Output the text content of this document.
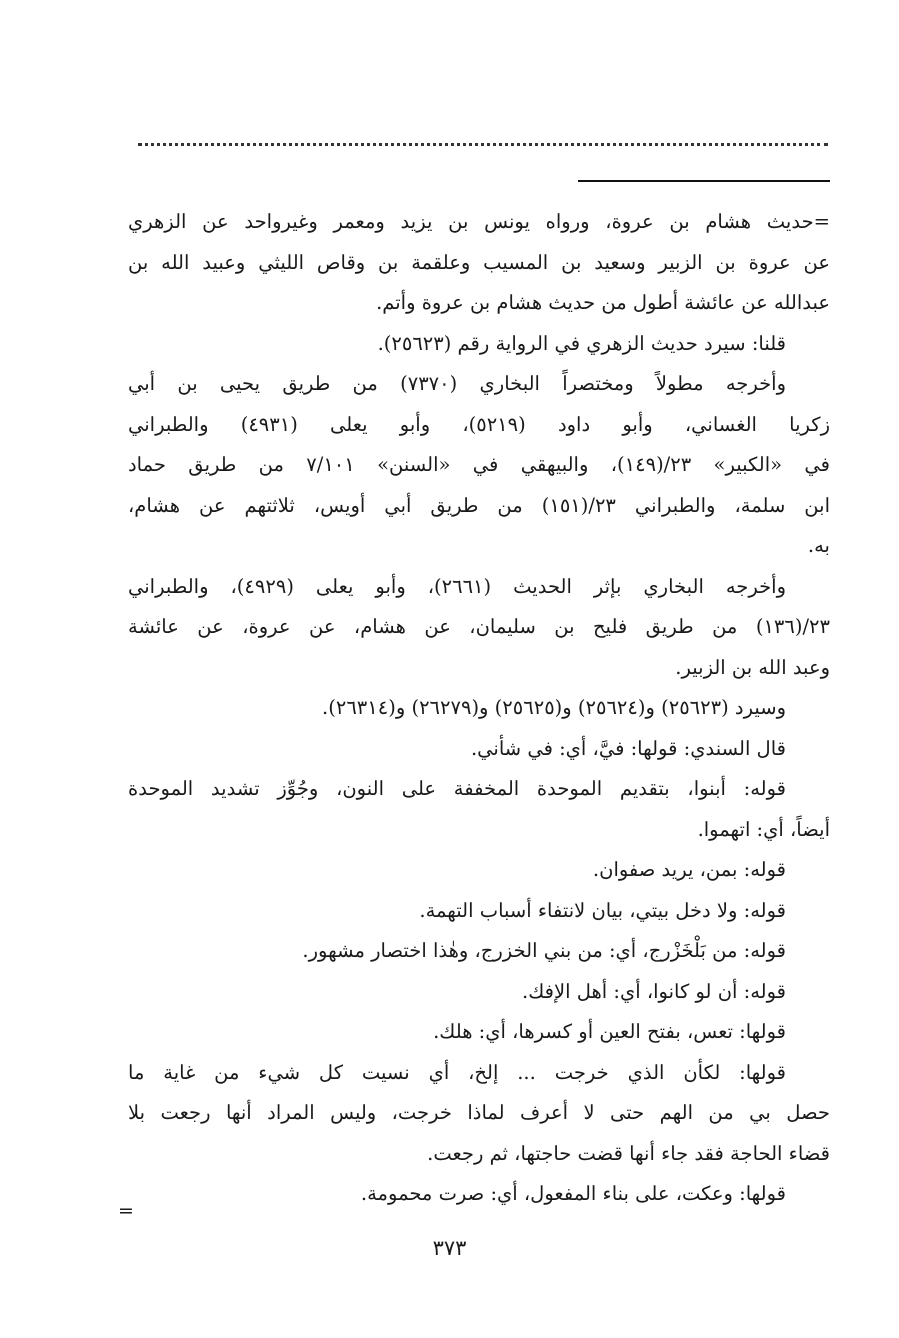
=حديث هشام بن عروة، ورواه يونس بن يزيد ومعمر وغيرواحد عن الزهري
عن عروة بن الزبير وسعيد بن المسيب وعلقمة بن وقاص الليثي وعبيد الله بن
عبدالله عن عائشة أطول من حديث هشام بن عروة وأتم.
قلنا: سيرد حديث الزهري في الرواية رقم (٢٥٦٢٣).
وأخرجه مطولاً ومختصراً البخاري (٧٣٧٠) من طريق يحيى بن أبي
زكريا الغساني، وأبو داود (٥٢١٩)، وأبو يعلى (٤٩٣١) والطبراني
في «الكبير» ٢٣/(١٤٩)، والبيهقي في «السنن» ٧/١٠١ من طريق حماد
ابن سلمة، والطبراني ٢٣/(١٥١) من طريق أبي أويس، ثلاثتهم عن هشام،
به.
وأخرجه البخاري بإثر الحديث (٢٦٦١)، وأبو يعلى (٤٩٢٩)، والطبراني
٢٣/(١٣٦) من طريق فليح بن سليمان، عن هشام، عن عروة، عن عائشة
وعبد الله بن الزبير.
وسيرد (٢٥٦٢٣) و(٢٥٦٢٤) و(٢٥٦٢٥) و(٢٦٢٧٩) و(٢٦٣١٤).
قال السندي: قولها: فيَّ، أي: في شأني.
قوله: أبنوا، بتقديم الموحدة المخففة على النون، وجُوِّز تشديد الموحدة
أيضاً، أي: اتهموا.
قوله: بمن، يريد صفوان.
قوله: ولا دخل بيتي، بيان لانتفاء أسباب التهمة.
قوله: من بَلْخَزْرج، أي: من بني الخزرج، وهٰذا اختصار مشهور.
قوله: أن لو كانوا، أي: أهل الإفك.
قولها: تعس، بفتح العين أو كسرها، أي: هلك.
قولها: لكأن الذي خرجت ... إلخ، أي نسيت كل شيء من غاية ما
حصل بي من الهم حتى لا أعرف لماذا خرجت، وليس المراد أنها رجعت بلا
قضاء الحاجة فقد جاء أنها قضت حاجتها، ثم رجعت.
قولها: وعكت، على بناء المفعول، أي: صرت محمومة.
=
٣٧٣
